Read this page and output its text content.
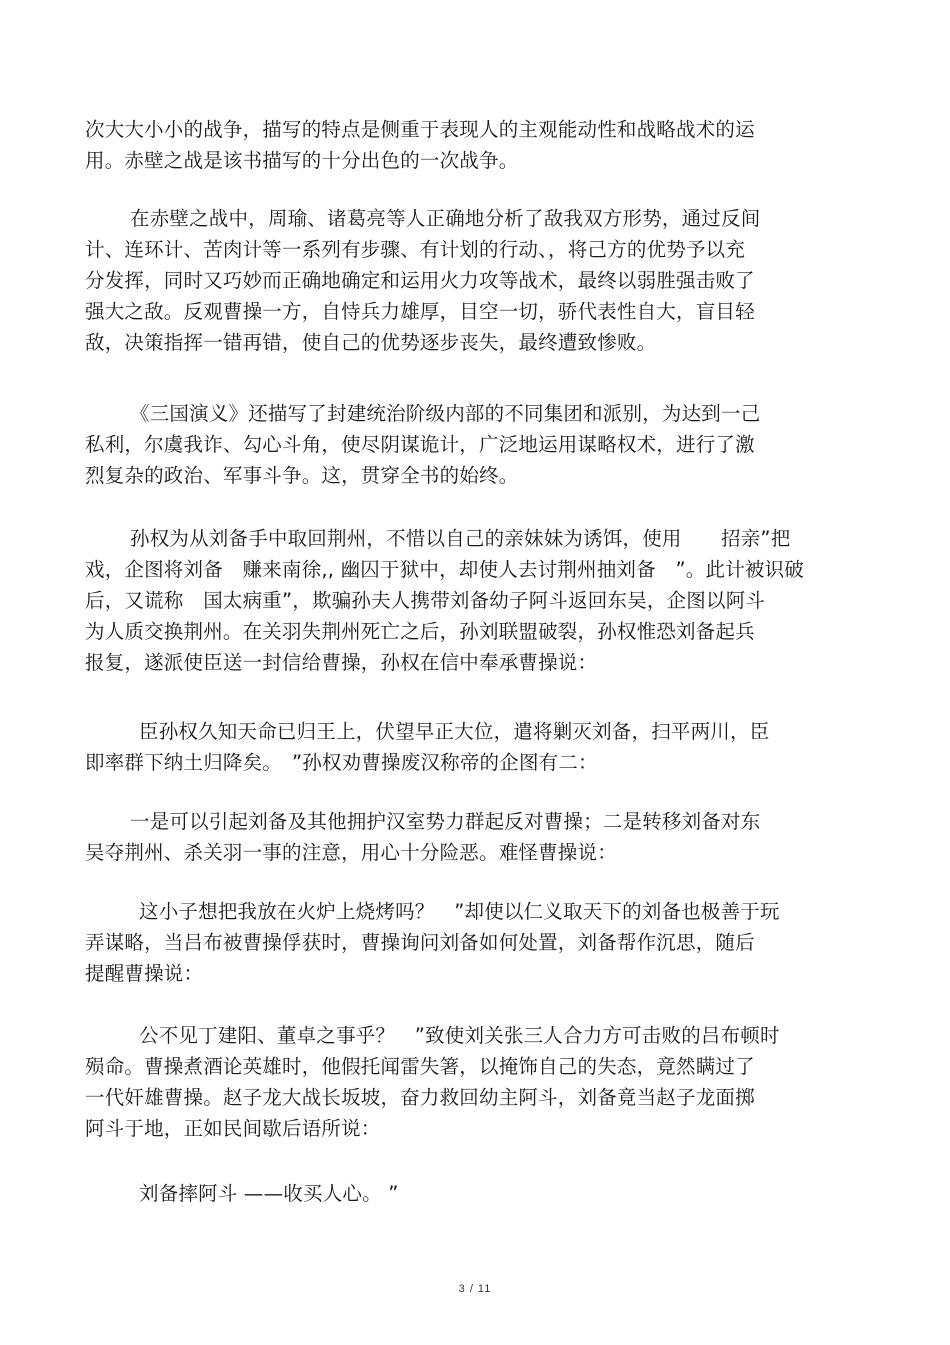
次大大小小的战争，描写的特点是侧重于表现人的主观能动性和战略战术的运
用。赤壁之战是该书描写的十分出色的一次战争。
在赤壁之战中，周瑜、诸葛亮等人正确地分析了敌我双方形势，通过反间
计、连环计、苦肉计等一系列有步骤、有计划的行动、，将己方的优势予以充
分发挥，同时又巧妙而正确地确定和运用火力攻等战术，最终以弱胜强击败了
强大之敌。反观曹操一方，自恃兵力雄厚，目空一切，骄代表性自大，盲目轻
敌，决策指挥一错再错，使自己的优势逐步丧失，最终遭致惨败。
《三国演义》还描写了封建统治阶级内部的不同集团和派别，为达到一己
私利，尔虞我诈、勾心斗角，使尽阴谋诡计，广泛地运用谋略权术，进行了激
烈复杂的政治、军事斗争。这，贯穿全书的始终。
孙权为从刘备手中取回荆州，不惜以自己的亲妹妹为诱饵，使用　　招亲”把
戏，企图将刘备　赚来南徐,, 幽囚于狱中，却使人去讨荆州抽刘备　”。此计被识破
后，又谎称　国太病重”，欺骗孙夫人携带刘备幼子阿斗返回东吴，企图以阿斗
为人质交换荆州。在关羽失荆州死亡之后，孙刘联盟破裂，孙权惟恐刘备起兵
报复，遂派使臣送一封信给曹操，孙权在信中奉承曹操说：
臣孙权久知天命已归王上，伏望早正大位，遣将剿灭刘备，扫平两川，臣
即率群下纳土归降矣。　”孙权劝曹操废汉称帝的企图有二：
一是可以引起刘备及其他拥护汉室势力群起反对曹操；二是转移刘备对东
吴夺荆州、杀关羽一事的注意，用心十分险恶。难怪曹操说：
这小子想把我放在火炉上烧烤吗？　”却使以仁义取天下的刘备也极善于玩
弄谋略，当吕布被曹操俘获时，曹操询问刘备如何处置，刘备帮作沉思，随后
提醒曹操说：
公不见丁建阳、董卓之事乎？　”致使刘关张三人合力方可击败的吕布顿时
殒命。曹操煮酒论英雄时，他假托闻雷失箸，以掩饰自己的失态，竟然瞒过了
一代奸雄曹操。赵子龙大战长坂坡，奋力救回幼主阿斗，刘备竟当赵子龙面掷
阿斗于地，正如民间歇后语所说：
刘备摔阿斗 ——收买人心。 ”
3 / 11
